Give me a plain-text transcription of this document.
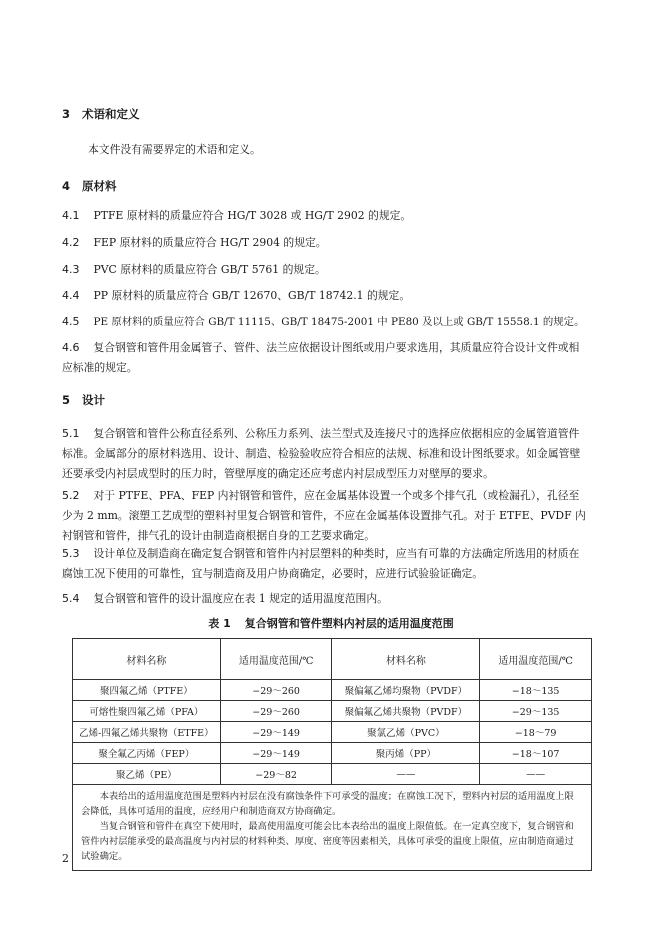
3 术语和定义
本文件没有需要界定的术语和定义。
4 原材料
4.1 PTFE 原材料的质量应符合 HG/T 3028 或 HG/T 2902 的规定。
4.2 FEP 原材料的质量应符合 HG/T 2904 的规定。
4.3 PVC 原材料的质量应符合 GB/T 5761 的规定。
4.4 PP 原材料的质量应符合 GB/T 12670、GB/T 18742.1 的规定。
4.5 PE 原材料的质量应符合 GB/T 11115、GB/T 18475-2001 中 PE80 及以上或 GB/T 15558.1 的规定。
4.6 复合钢管和管件用金属管子、管件、法兰应依据设计图纸或用户要求选用，其质量应符合设计文件或相应标准的规定。
5 设计
5.1 复合钢管和管件公称直径系列、公称压力系列、法兰型式及连接尺寸的选择应依据相应的金属管道管件标准。金属部分的原材料选用、设计、制造、检验验收应符合相应的法规、标准和设计图纸要求。如金属管壁还要承受内衬层成型时的压力时，管壁厚度的确定还应考虑内衬层成型压力对壁厚的要求。
5.2 对于 PTFE、PFA、FEP 内衬钢管和管件，应在金属基体设置一个或多个排气孔（或检漏孔），孔径至少为 2 mm。滚塑工艺成型的塑料衬里复合钢管和管件，不应在金属基体设置排气孔。对于 ETFE、PVDF 内衬钢管和管件，排气孔的设计由制造商根据自身的工艺要求确定。
5.3 设计单位及制造商在确定复合钢管和管件内衬层塑料的种类时，应当有可靠的方法确定所选用的材质在腐蚀工况下使用的可靠性，宜与制造商及用户协商确定，必要时，应进行试验验证确定。
5.4 复合钢管和管件的设计温度应在表 1 规定的适用温度范围内。
表 1 复合钢管和管件塑料内衬层的适用温度范围
材料名称	适用温度范围/℃	材料名称	适用温度范围/℃
聚四氟乙烯（PTFE）	−29～260	聚偏氟乙烯均聚物（PVDF）	−18～135
可熔性聚四氟乙烯（PFA）	−29～260	聚偏氟乙烯共聚物（PVDF）	−29～135
乙烯-四氟乙烯共聚物（ETFE）	−29～149	聚氯乙烯（PVC）	−18～79
聚全氟乙丙烯（FEP）	−29～149	聚丙烯（PP）	−18～107
聚乙烯（PE）	−29～82	——	——

本表给出的适用温度范围是塑料内衬层在没有腐蚀条件下可承受的温度；在腐蚀工况下，塑料内衬层的适用温度上限会降低，具体可适用的温度，应经用户和制造商双方协商确定。

当复合钢管和管件在真空下使用时，最高使用温度可能会比本表给出的温度上限值低。在一定真空度下，复合钢管和管件内衬层能承受的最高温度与内衬层的材料种类、厚度、密度等因素相关，具体可承受的温度上限值，应由制造商通过试验确定。			

2
